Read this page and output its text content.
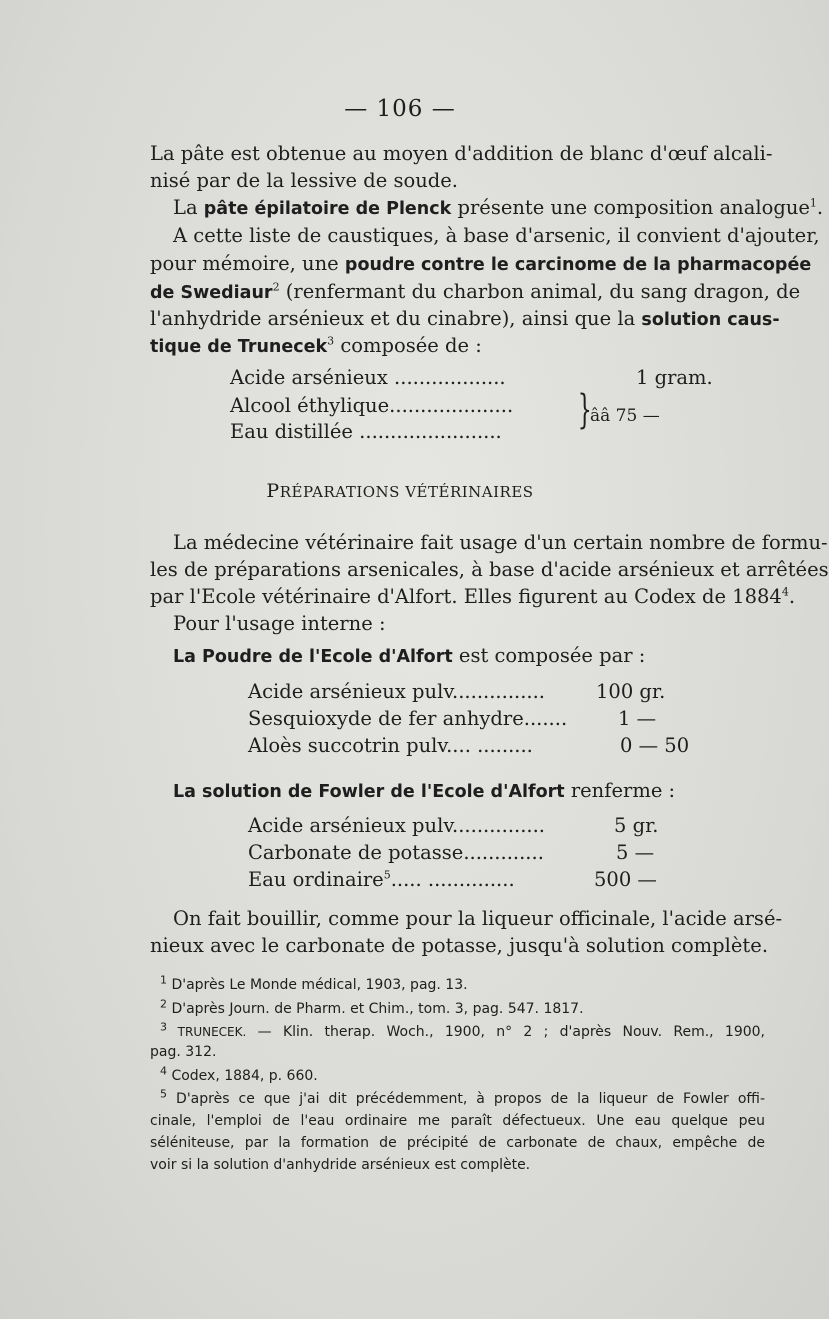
— 106 —
La pâte est obtenue au moyen d'addition de blanc d'œuf alcali-
nisé par de la lessive de soude.
La pâte épilatoire de Plenck présente une composition analogue$^1$.
A cette liste de caustiques, à base d'arsenic, il convient d'ajouter,
pour mémoire, une poudre contre le carcinome de la pharmacopée
de Swediaur$^2$ (renfermant du charbon animal, du sang dragon, de
l'anhydride arsénieux et du cinabre), ainsi que la solution caus-
tique de Trunecek$^3$ composée de :
Acide arsénieux ..................	1 gram.
Alcool éthylique....................
Eau distillée ....................... }
ââ 75 —
PRÉPARATIONS VÉTÉRINAIRES
La médecine vétérinaire fait usage d'un certain nombre de formu-
les de préparations arsenicales, à base d'acide arsénieux et arrêtées
par l'Ecole vétérinaire d'Alfort. Elles figurent au Codex de 1884$^4$.
Pour l'usage interne :
La Poudre de l'Ecole d'Alfort est composée par :
Acide arsénieux pulv...............	100 gr.
Sesquioxyde de fer anhydre.......	1 —
Aloès succotrin pulv.... .........	0 — 50
La solution de Fowler de l'Ecole d'Alfort renferme :
Acide arsénieux pulv...............	5 gr.
Carbonate de potasse.............	5 —
Eau ordinaire$^5$..... ..............	500 —
On fait bouillir, comme pour la liqueur officinale, l'acide arsé-
nieux avec le carbonate de potasse, jusqu'à solution complète.
$^1$ D'après Le Monde médical, 1903, pag. 13.
$^2$ D'après Journ. de Pharm. et Chim., tom. 3, pag. 547. 1817.
$^3$ TRUNECEK. — Klin. therap. Woch., 1900, n° 2 ; d'après Nouv. Rem., 1900,
pag. 312.
$^4$ Codex, 1884, p. 660.
$^5$ D'après ce que j'ai dit précédemment, à propos de la liqueur de Fowler offi-
cinale, l'emploi de l'eau ordinaire me paraît défectueux. Une eau quelque peu
séléniteuse, par la formation de précipité de carbonate de chaux, empêche de
voir si la solution d'anhydride arsénieux est complète.
